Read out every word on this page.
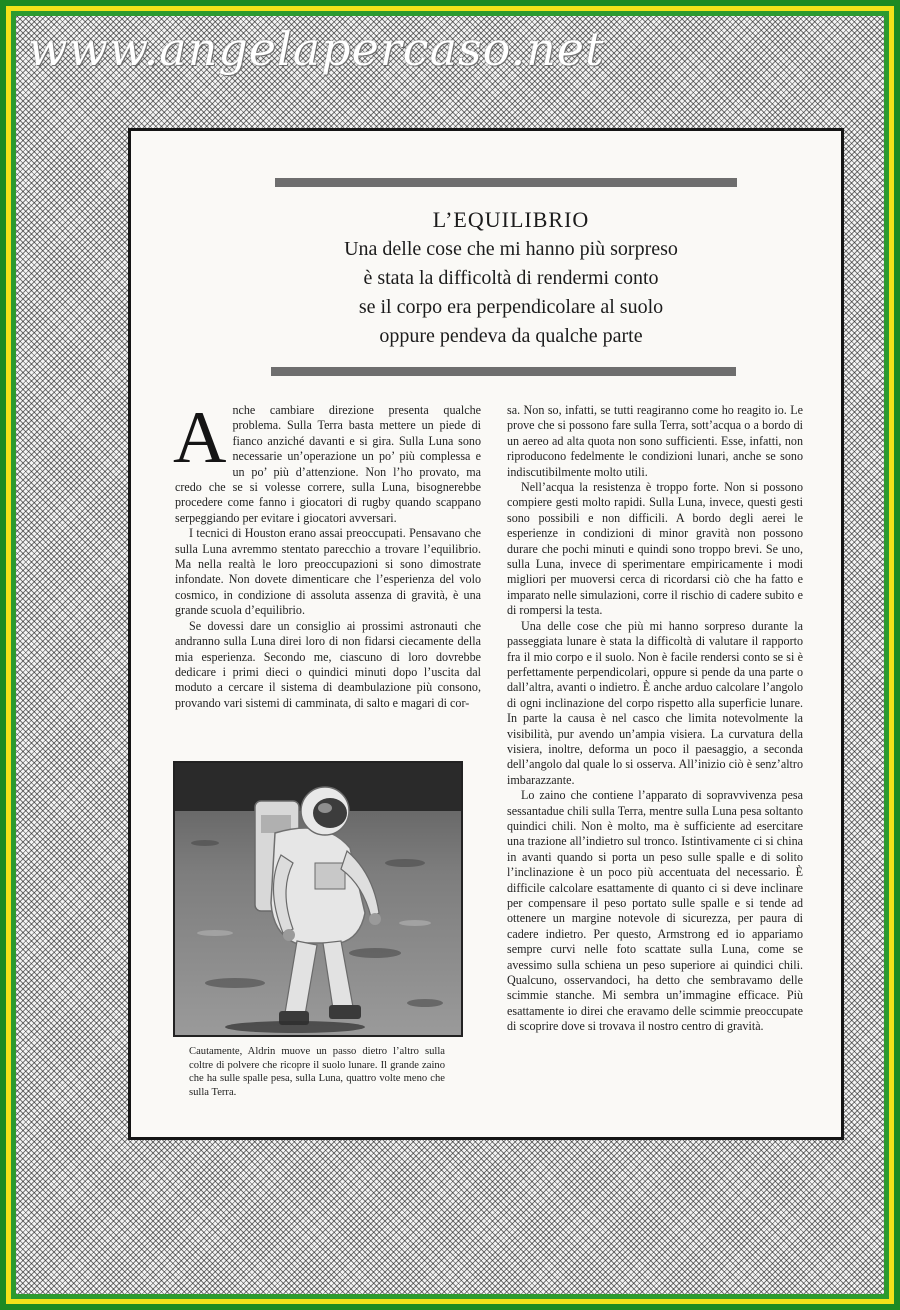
www.angelapercaso.net
L’EQUILIBRIO
Una delle cose che mi hanno più sorpreso
è stata la difficoltà di rendermi conto
se il corpo era perpendicolare al suolo
oppure pendeva da qualche parte

Anche cambiare direzione presenta qualche problema. Sulla Terra basta mettere un piede di fianco anziché davanti e si gira. Sulla Luna sono necessarie un’operazione un po’ più complessa e un po’ più d’attenzione. Non l’ho provato, ma credo che se si volesse correre, sulla Luna, bisognerebbe procedere come fanno i giocatori di rugby quando scappano serpeggiando per evitare i giocatori avversari.

I tecnici di Houston erano assai preoccupati. Pensavano che sulla Luna avremmo stentato parecchio a trovare l’equilibrio. Ma nella realtà le loro preoccupazioni si sono dimostrate infondate. Non dovete dimenticare che l’esperienza del volo cosmico, in condizione di assoluta assenza di gravità, è una grande scuola d’equilibrio.

Se dovessi dare un consiglio ai prossimi astronauti che andranno sulla Luna direi loro di non fidarsi ciecamente della mia esperienza. Secondo me, ciascuno di loro dovrebbe dedicare i primi dieci o quindici minuti dopo l’uscita dal moduto a cercare il sistema di deambulazione più consono, provando vari sistemi di camminata, di salto e magari di cor-

Cautamente, Aldrin muove un passo dietro l’altro sulla coltre di polvere che ricopre il suolo lunare. Il grande zaino che ha sulle spalle pesa, sulla Luna, quattro volte meno che sulla Terra.

sa. Non so, infatti, se tutti reagiranno come ho reagito io. Le prove che si possono fare sulla Terra, sott’acqua o a bordo di un aereo ad alta quota non sono sufficienti. Esse, infatti, non riproducono fedelmente le condizioni lunari, anche se sono indiscutibilmente molto utili.

Nell’acqua la resistenza è troppo forte. Non si possono compiere gesti molto rapidi. Sulla Luna, invece, questi gesti sono possibili e non difficili. A bordo degli aerei le esperienze in condizioni di minor gravità non possono durare che pochi minuti e quindi sono troppo brevi. Se uno, sulla Luna, invece di sperimentare empiricamente i modi migliori per muoversi cerca di ricordarsi ciò che ha fatto e imparato nelle simulazioni, corre il rischio di cadere subito e di rompersi la testa.

Una delle cose che più mi hanno sorpreso durante la passeggiata lunare è stata la difficoltà di valutare il rapporto fra il mio corpo e il suolo. Non è facile rendersi conto se si è perfettamente perpendicolari, oppure si pende da una parte o dall’altra, avanti o indietro. È anche arduo calcolare l’angolo di ogni inclinazione del corpo rispetto alla superficie lunare. In parte la causa è nel casco che limita notevolmente la visibilità, pur avendo un’ampia visiera. La curvatura della visiera, inoltre, deforma un poco il paesaggio, a seconda dell’angolo dal quale lo si osserva. All’inizio ciò è senz’altro imbarazzante.

Lo zaino che contiene l’apparato di sopravvivenza pesa sessantadue chili sulla Terra, mentre sulla Luna pesa soltanto quindici chili. Non è molto, ma è sufficiente ad esercitare una trazione all’indietro sul tronco. Istintivamente ci si china in avanti quando si porta un peso sulle spalle e di solito l’inclinazione è un poco più accentuata del necessario. È difficile calcolare esattamente di quanto ci si deve inclinare per compensare il peso portato sulle spalle e si tende ad ottenere un margine notevole di sicurezza, per paura di cadere indietro. Per questo, Armstrong ed io appariamo sempre curvi nelle foto scattate sulla Luna, come se avessimo sulla schiena un peso superiore ai quindici chili. Qualcuno, osservandoci, ha detto che sembravamo delle scimmie stanche. Mi sembra un’immagine efficace. Più esattamente io direi che eravamo delle scimmie preoccupate di scoprire dove si trovava il nostro centro di gravità.
